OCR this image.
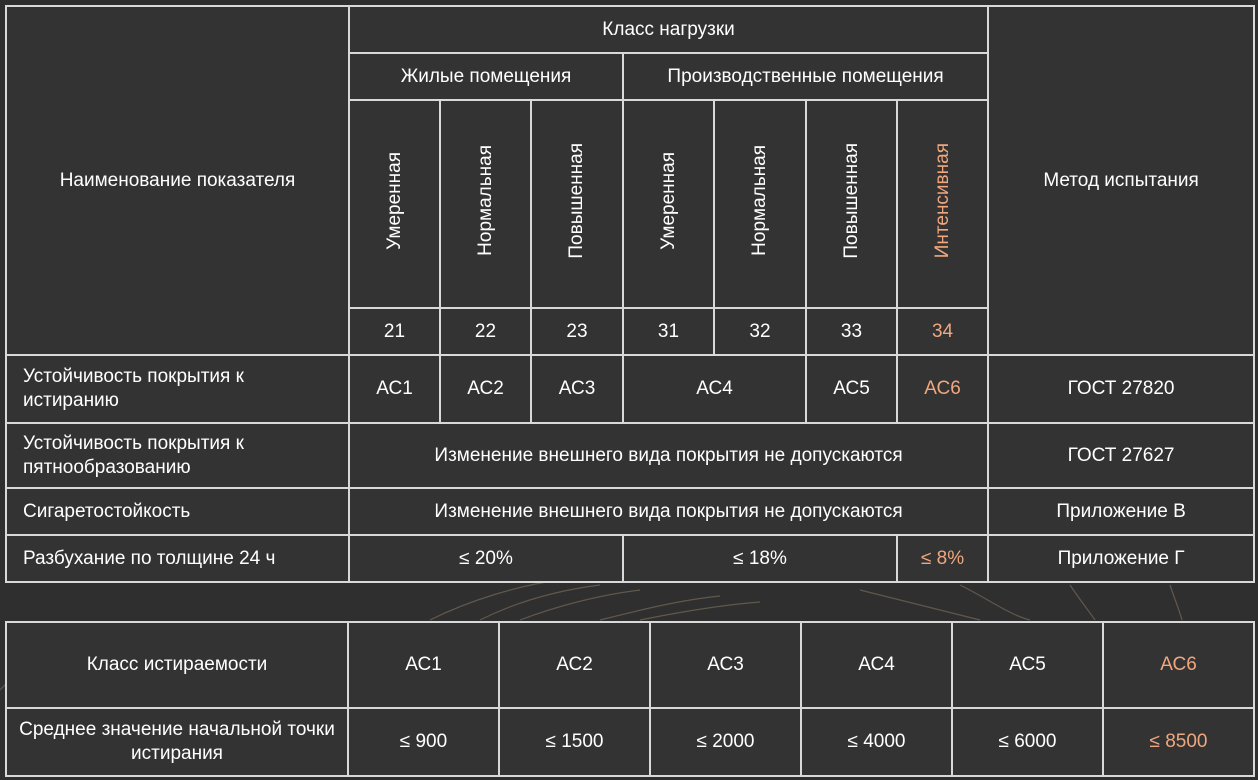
Наименование показателя	Класс нагрузки							Метод испытания
	Жилые помещения			Производственные помещения				
	Умеренная	Нормальная	Повышенная	Умеренная	Нормальная	Повышенная	Интенсивная	
	21	22	23	31	32	33	34	
Устойчивость покрытия к истиранию	АС1	АС2	АС3	АС4		АС5	АС6	ГОСТ 27820
Устойчивость покрытия к пятнообразованию	Изменение внешнего вида покрытия не допускаются							ГОСТ 27627
Сигаретостойкость	Изменение внешнего вида покрытия не допускаются							Приложение В
Разбухание по толщине 24 ч	≤ 20%			≤ 18%			≤ 8%	Приложение Г
Класс истираемости	АС1	АС2	АС3	АС4	АС5	АС6
Среднее значение начальной точки истирания	≤ 900	≤ 1500	≤ 2000	≤ 4000	≤ 6000	≤ 8500
